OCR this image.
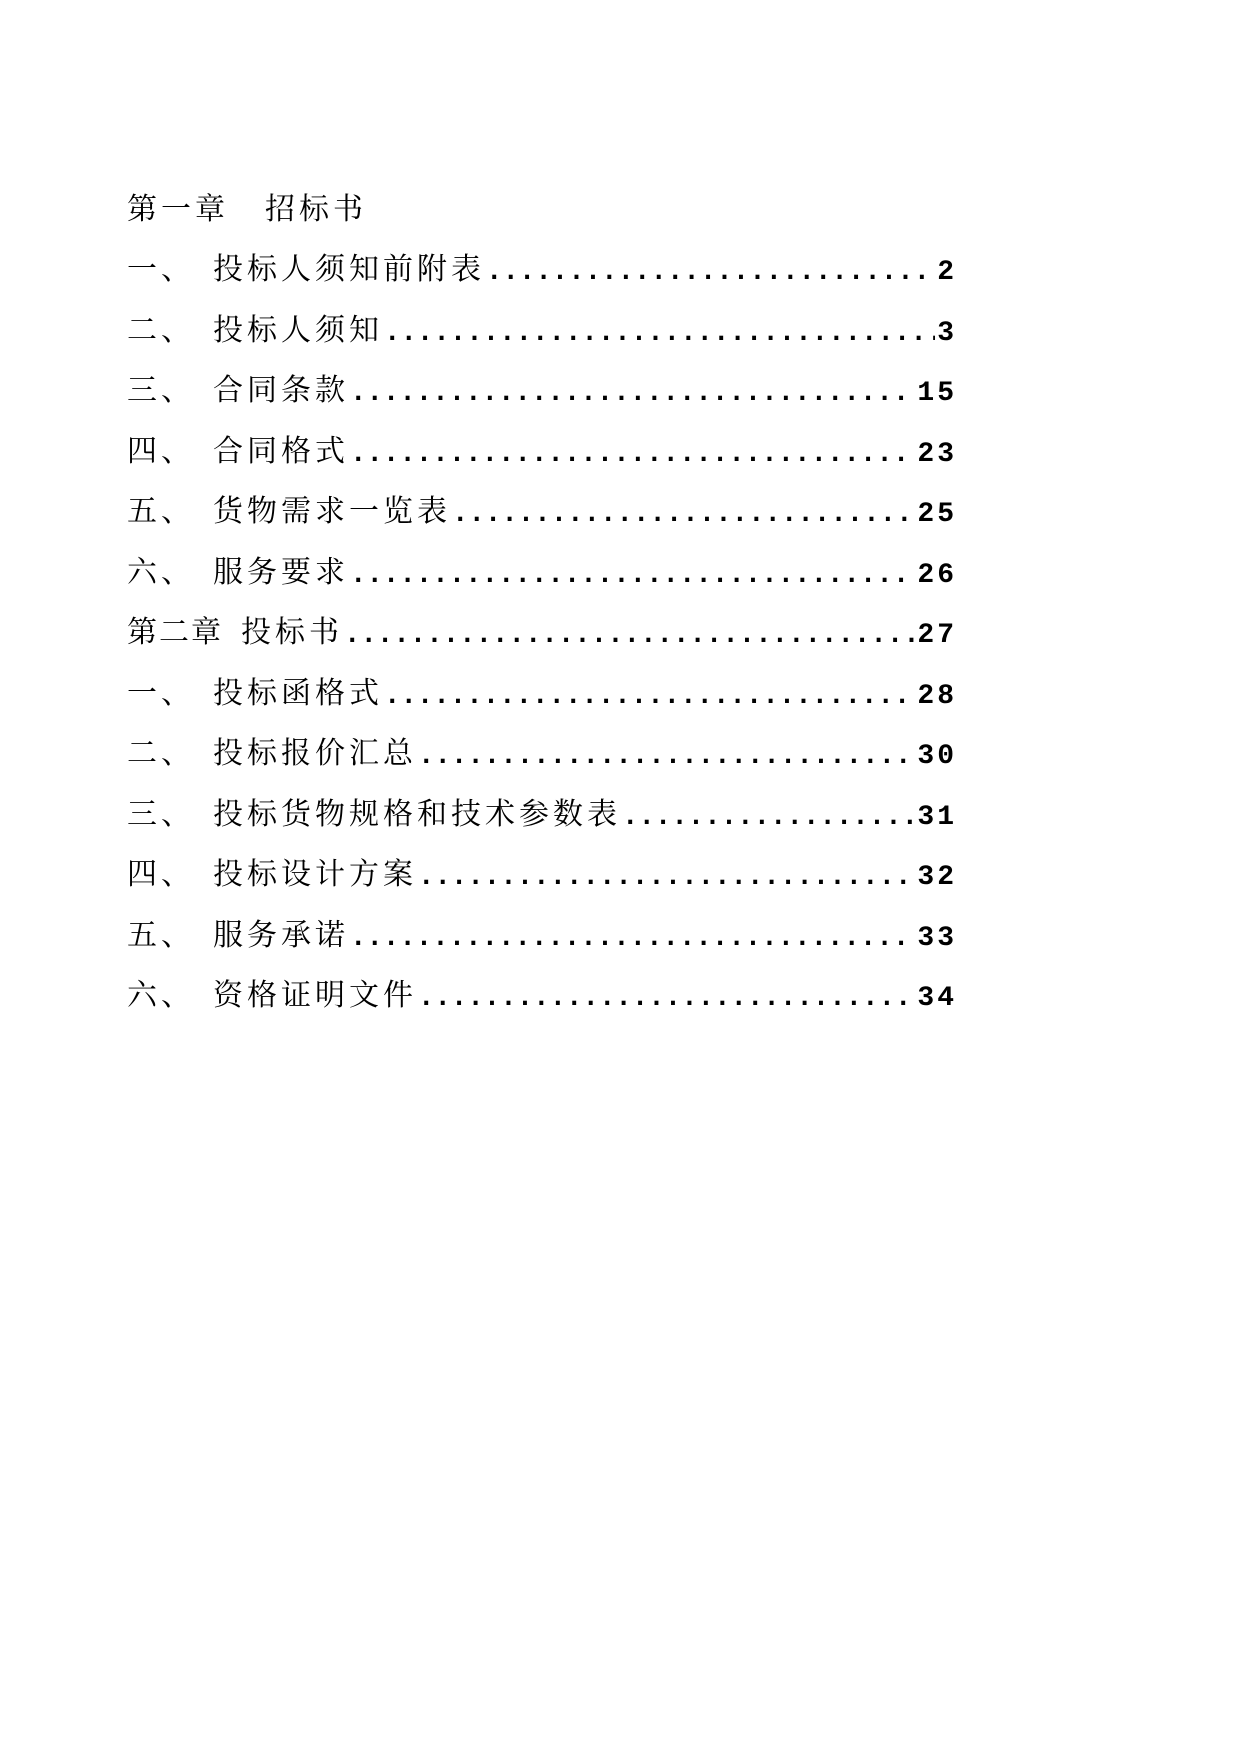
第一章 招标书
一、 投标人须知前附表 .....	2
二、 投标人须知 .....	3
三、 合同条款 .....	15
四、 合同格式 .....	23
五、 货物需求一览表 .....	25
六、 服务要求 .....	26
第二章 投标书 .....	27
一、 投标函格式 .....	28
二、 投标报价汇总 .....	30
三、 投标货物规格和技术参数表 .....	31
四、 投标设计方案 .....	32
五、 服务承诺 .....	33
六、 资格证明文件 .....	34
